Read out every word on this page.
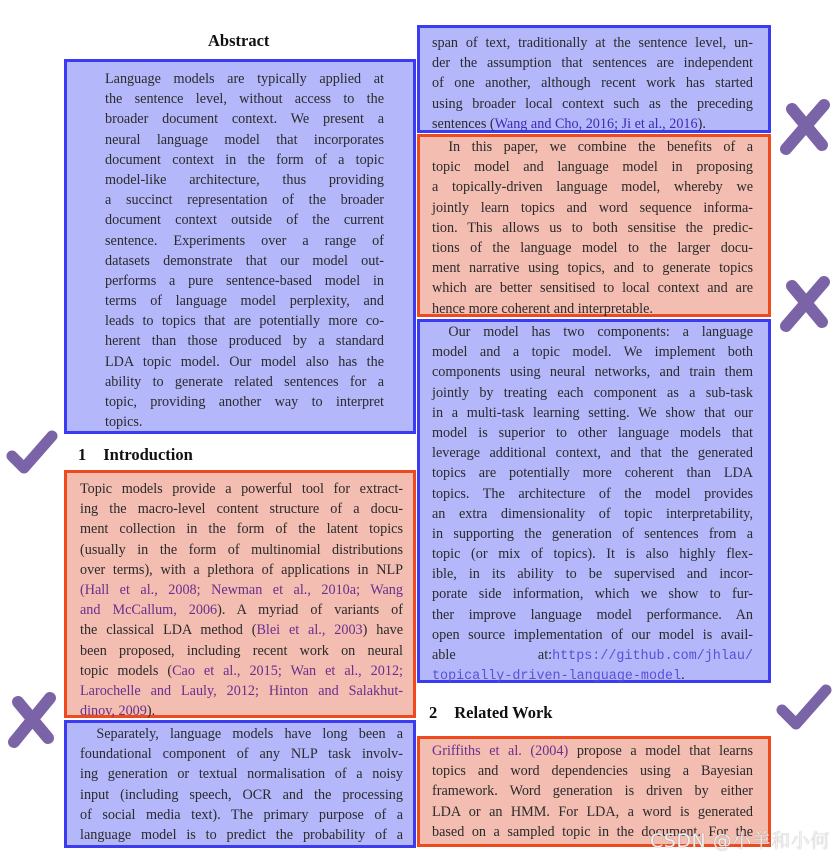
Abstract

Language models are typically applied at
the sentence level, without access to the
broader document context. We present a
neural language model that incorporates
document context in the form of a topic
model-like architecture, thus providing
a succinct representation of the broader
document context outside of the current
sentence. Experiments over a range of
datasets demonstrate that our model out-
performs a pure sentence-based model in
terms of language model perplexity, and
leads to topics that are potentially more co-
herent than those produced by a standard
LDA topic model. Our model also has the
ability to generate related sentences for a
topic, providing another way to interpret
topics.

1 Introduction

Topic models provide a powerful tool for extract-
ing the macro-level content structure of a docu-
ment collection in the form of the latent topics
(usually in the form of multinomial distributions
over terms), with a plethora of applications in NLP
(Hall et al., 2008; Newman et al., 2010a; Wang
and McCallum, 2006). A myriad of variants of
the classical LDA method (Blei et al., 2003) have
been proposed, including recent work on neural
topic models (Cao et al., 2015; Wan et al., 2012;
Larochelle and Lauly, 2012; Hinton and Salakhut-
dinov, 2009).

Separately, language models have long been a
foundational component of any NLP task involv-
ing generation or textual normalisation of a noisy
input (including speech, OCR and the processing
of social media text). The primary purpose of a
language model is to predict the probability of a

span of text, traditionally at the sentence level, un-
der the assumption that sentences are independent
of one another, although recent work has started
using broader local context such as the preceding
sentences (Wang and Cho, 2016; Ji et al., 2016).

In this paper, we combine the benefits of a
topic model and language model in proposing
a topically-driven language model, whereby we
jointly learn topics and word sequence informa-
tion. This allows us to both sensitise the predic-
tions of the language model to the larger docu-
ment narrative using topics, and to generate topics
which are better sensitised to local context and are
hence more coherent and interpretable.

Our model has two components: a language
model and a topic model. We implement both
components using neural networks, and train them
jointly by treating each component as a sub-task
in a multi-task learning setting. We show that our
model is superior to other language models that
leverage additional context, and that the generated
topics are potentially more coherent than LDA
topics. The architecture of the model provides
an extra dimensionality of topic interpretability,
in supporting the generation of sentences from a
topic (or mix of topics). It is also highly flex-
ible, in its ability to be supervised and incor-
porate side information, which we show to fur-
ther improve language model performance. An
open source implementation of our model is avail-
able at:https://github.com/jhlau/
topically-driven-language-model.

2 Related Work

Griffiths et al. (2004) propose a model that learns
topics and word dependencies using a Bayesian
framework. Word generation is driven by either
LDA or an HMM. For LDA, a word is generated
based on a sampled topic in the document. For the

CSDN @小羊和小何
